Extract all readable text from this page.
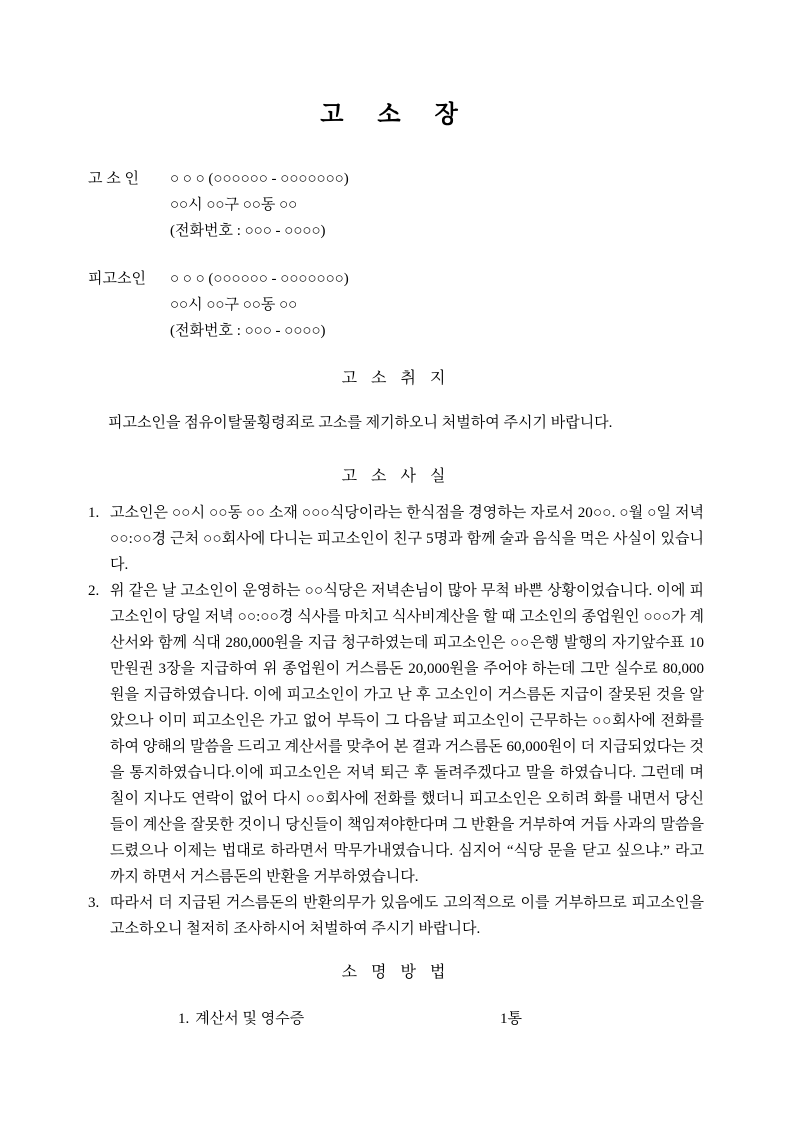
고 소 장
고 소 인	○ ○ ○ (○○○○○○ - ○○○○○○○)
○○시 ○○구 ○○동 ○○
(전화번호 : ○○○ - ○○○○)
피고소인	○ ○ ○ (○○○○○○ - ○○○○○○○)
○○시 ○○구 ○○동 ○○
(전화번호 : ○○○ - ○○○○)
고 소 취 지

피고소인을 점유이탈물횡령죄로 고소를 제기하오니 처벌하여 주시기 바랍니다.

고 소 사 실
1. 고소인은 ○○시 ○○동 ○○ 소재 ○○○식당이라는 한식점을 경영하는 자로서 20○○. ○월 ○일 저녁 ○○:○○경 근처 ○○회사에 다니는 피고소인이 친구 5명과 함께 술과 음식을 먹은 사실이 있습니다.
2. 위 같은 날 고소인이 운영하는 ○○식당은 저녁손님이 많아 무척 바쁜 상황이었습니다. 이에 피고소인이 당일 저녁 ○○:○○경 식사를 마치고 식사비계산을 할 때 고소인의 종업원인 ○○○가 계산서와 함께 식대 280,000원을 지급 청구하였는데 피고소인은 ○○은행 발행의 자기앞수표 10만원권 3장을 지급하여 위 종업원이 거스름돈 20,000원을 주어야 하는데 그만 실수로 80,000원을 지급하였습니다. 이에 피고소인이 가고 난 후 고소인이 거스름돈 지급이 잘못된 것을 알았으나 이미 피고소인은 가고 없어 부득이 그 다음날 피고소인이 근무하는 ○○회사에 전화를 하여 양해의 말씀을 드리고 계산서를 맞추어 본 결과 거스름돈 60,000원이 더 지급되었다는 것을 통지하였습니다.이에 피고소인은 저녁 퇴근 후 돌려주겠다고 말을 하였습니다. 그런데 며칠이 지나도 연락이 없어 다시 ○○회사에 전화를 했더니 피고소인은 오히려 화를 내면서 당신들이 계산을 잘못한 것이니 당신들이 책임져야한다며 그 반환을 거부하여 거듭 사과의 말씀을 드렸으나 이제는 법대로 하라면서 막무가내였습니다. 심지어 “식당 문을 닫고 싶으냐.” 라고까지 하면서 거스름돈의 반환을 거부하였습니다.
3. 따라서 더 지급된 거스름돈의 반환의무가 있음에도 고의적으로 이를 거부하므로 피고소인을 고소하오니 철저히 조사하시어 처벌하여 주시기 바랍니다.
소 명 방 법
1. 계산서 및 영수증	1통
